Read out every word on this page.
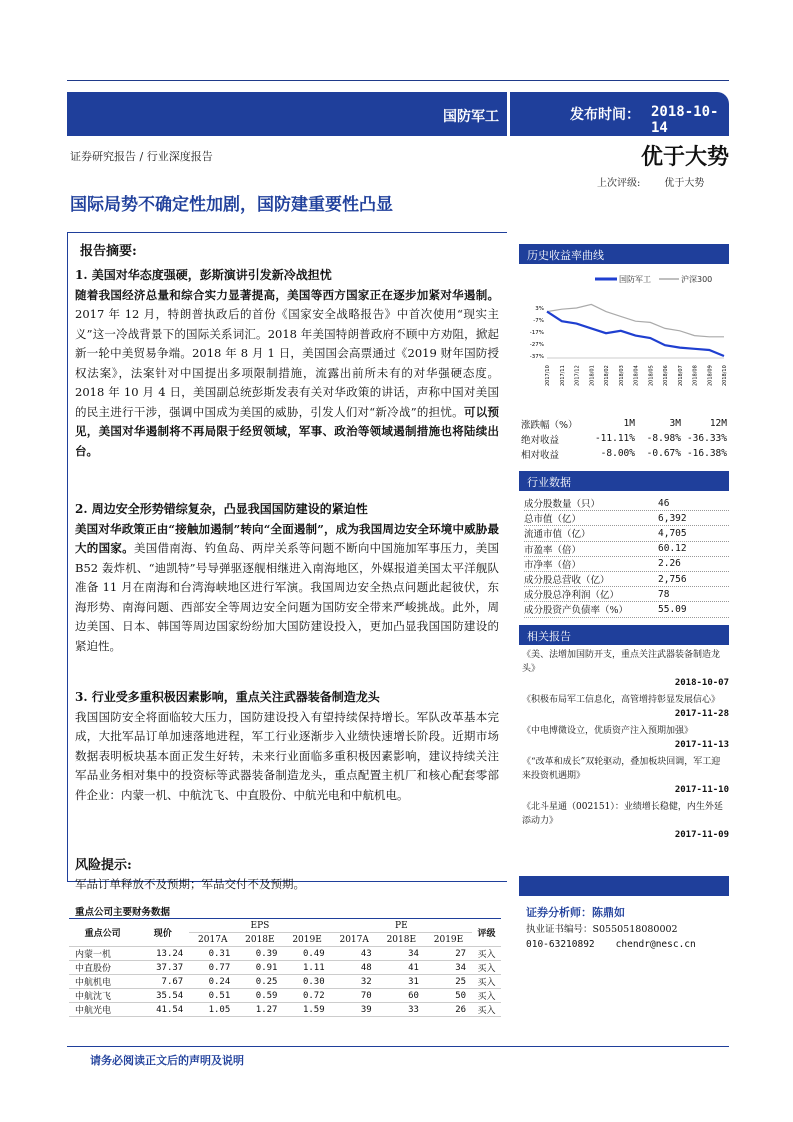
国防军工	发布时间： 2018-10-14
证券研究报告 / 行业深度报告	优于大势
上次评级: 优于大势
国际局势不确定性加剧，国防建重要性凸显
报告摘要:
1. 美国对华态度强硬，彭斯演讲引发新冷战担忧
随着我国经济总量和综合实力显著提高，美国等西方国家正在逐步加紧对华遏制。2017 年 12 月，特朗普执政后的首份《国家安全战略报告》中首次使用“现实主义”这一冷战背景下的国际关系词汇。2018 年美国特朗普政府不顾中方劝阻，掀起新一轮中美贸易争端。2018 年 8 月 1 日，美国国会高票通过《2019 财年国防授权法案》，法案针对中国提出多项限制措施，流露出前所未有的对华强硬态度。2018 年 10 月 4 日，美国副总统彭斯发表有关对华政策的讲话，声称中国对美国的民主进行干涉，强调中国成为美国的威胁，引发人们对“新冷战”的担忧。可以预见，美国对华遏制将不再局限于经贸领域，军事、政治等领域遏制措施也将陆续出台。
2. 周边安全形势错综复杂，凸显我国国防建设的紧迫性
美国对华政策正由“接触加遏制”转向“全面遏制”，成为我国周边安全环境中威胁最大的国家。美国借南海、钓鱼岛、两岸关系等问题不断向中国施加军事压力，美国 B52 轰炸机、“迪凯特”号导弹驱逐舰相继进入南海地区，外媒报道美国太平洋舰队准备 11 月在南海和台湾海峡地区进行军演。我国周边安全热点问题此起彼伏，东海形势、南海问题、西部安全等周边安全问题为国防安全带来严峻挑战。此外，周边美国、日本、韩国等周边国家纷纷加大国防建设投入，更加凸显我国国防建设的紧迫性。
3. 行业受多重积极因素影响，重点关注武器装备制造龙头
我国国防安全将面临较大压力，国防建设投入有望持续保持增长。军队改革基本完成，大批军品订单加速落地进程，军工行业逐渐步入业绩快速增长阶段。近期市场数据表明板块基本面正发生好转，未来行业面临多重积极因素影响，建议持续关注军品业务相对集中的投资标等武器装备制造龙头，重点配置主机厂和核心配套零部件企业：内蒙一机、中航沈飞、中直股份、中航光电和中航机电。
风险提示:
军品订单释放不及预期；军品交付不及预期。
重点公司主要财务数据
重点公司	现价	EPS			PE			评级
		2017A	2018E	2019E	2017A	2018E	2019E	
内蒙一机	13.24	0.31	0.39	0.49	43	34	27	买入
中直股份	37.37	0.77	0.91	1.11	48	41	34	买入
中航机电	7.67	0.24	0.25	0.30	32	31	25	买入
中航沈飞	35.54	0.51	0.59	0.72	70	60	50	买入
中航光电	41.54	1.05	1.27	1.59	39	33	26	买入
历史收益率曲线
国防军工	沪深300
3%
-7%
-17%
-27%
-37%
2017/10 2017/11 2017/12 2018/01 2018/02 2018/03 2018/04 2018/05 2018/06 2018/07 2018/08 2018/09 2018/10
涨跌幅（%）	1M	3M	12M
绝对收益	-11.11%	-8.98% -36.33%
相对收益	-8.00%	-0.67% -16.38%
行业数据
成分股数量（只）	46
总市值（亿）	6,392
流通市值（亿）	4,705
市盈率（倍）	60.12
市净率（倍）	2.26
成分股总营收（亿）	2,756
成分股总净利润（亿）	78
成分股资产负债率（%）	55.09
相关报告
《美、法增加国防开支，重点关注武器装备制造龙头》
2018-10-07
《积极布局军工信息化，高管增持彰显发展信心》
2017-11-28
《中电博微设立，优质资产注入预期加强》
2017-11-13
《“改革和成长”双轮驱动，叠加板块回调，军工迎来投资机遇期》
2017-11-10
《北斗星通（002151）：业绩增长稳健，内生外延添动力》
2017-11-09
证券分析师：陈鼎如
执业证书编号：S0550518080002
010-63210892 chendr@nesc.cn
请务必阅读正文后的声明及说明
